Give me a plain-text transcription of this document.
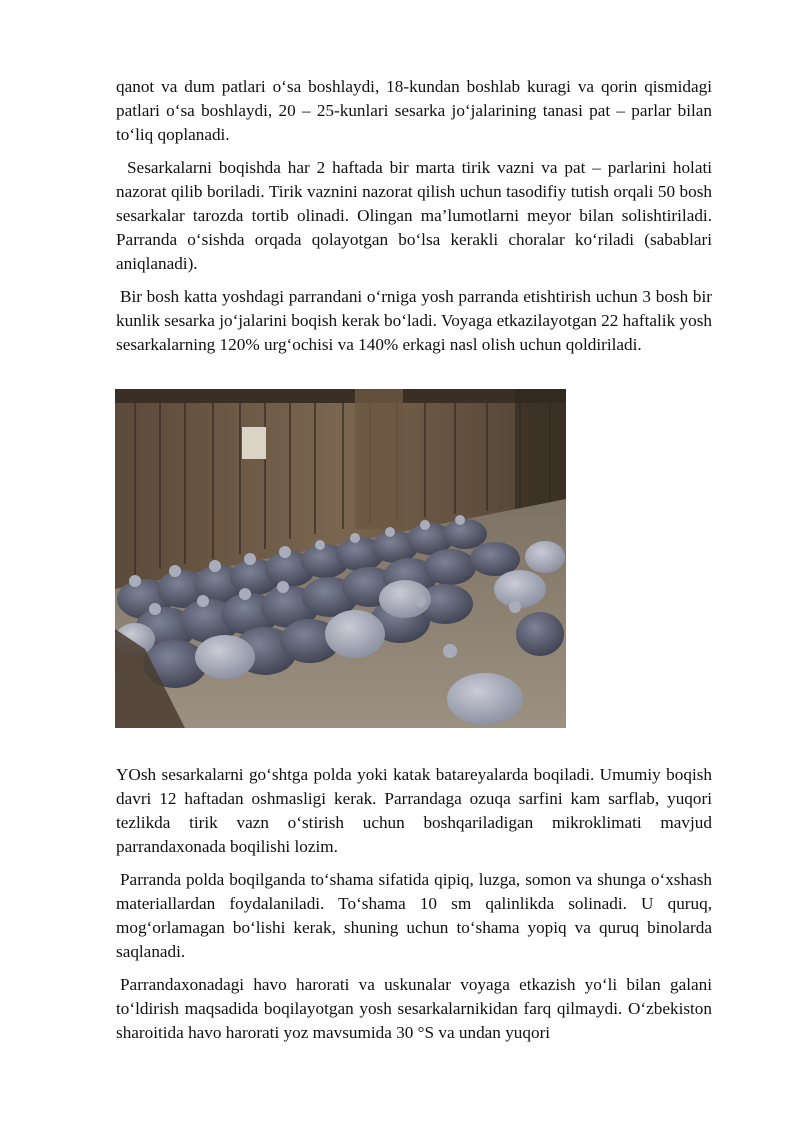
qanot va dum patlari o‘sa boshlaydi, 18-kundan boshlab kuragi va qorin qismidagi patlari o‘sa boshlaydi, 20 – 25-kunlari sesarka jo‘jalarining tanasi pat – parlar bilan to‘liq qoplanadi.

Sesarkalarni boqishda har 2 haftada bir marta tirik vazni va pat – parlarini holati nazorat qilib boriladi. Tirik vaznini nazorat qilish uchun tasodifiy tutish orqali 50 bosh sesarkalar tarozda tortib olinadi. Olingan ma’lumotlarni meyor bilan solishtiriladi. Parranda o‘sishda orqada qolayotgan bo‘lsa kerakli choralar ko‘riladi (sabablari aniqlanadi).

Bir bosh katta yoshdagi parrandani o‘rniga yosh parranda etishtirish uchun 3 bosh bir kunlik sesarka jo‘jalarini boqish kerak bo‘ladi. Voyaga etkazilayotgan 22 haftalik yosh sesarkalarning 120% urg‘ochisi va 140% erkagi nasl olish uchun qoldiriladi.

YOsh sesarkalarni go‘shtga polda yoki katak batareyalarda boqiladi. Umumiy boqish davri 12 haftadan oshmasligi kerak. Parrandaga ozuqa sarfini kam sarflab, yuqori tezlikda tirik vazn o‘stirish uchun boshqariladigan mikroklimati mavjud parrandaxonada boqilishi lozim.

Parranda polda boqilganda to‘shama sifatida qipiq, luzga, somon va shunga o‘xshash materiallardan foydalaniladi. To‘shama 10 sm qalinlikda solinadi. U quruq, mog‘orlamagan bo‘lishi kerak, shuning uchun to‘shama yopiq va quruq binolarda saqlanadi.

Parrandaxonadagi havo harorati va uskunalar voyaga etkazish yo‘li bilan galani to‘ldirish maqsadida boqilayotgan yosh sesarkalarnikidan farq qilmaydi. O‘zbekiston sharoitida havo harorati yoz mavsumida 30 °S va undan yuqori
